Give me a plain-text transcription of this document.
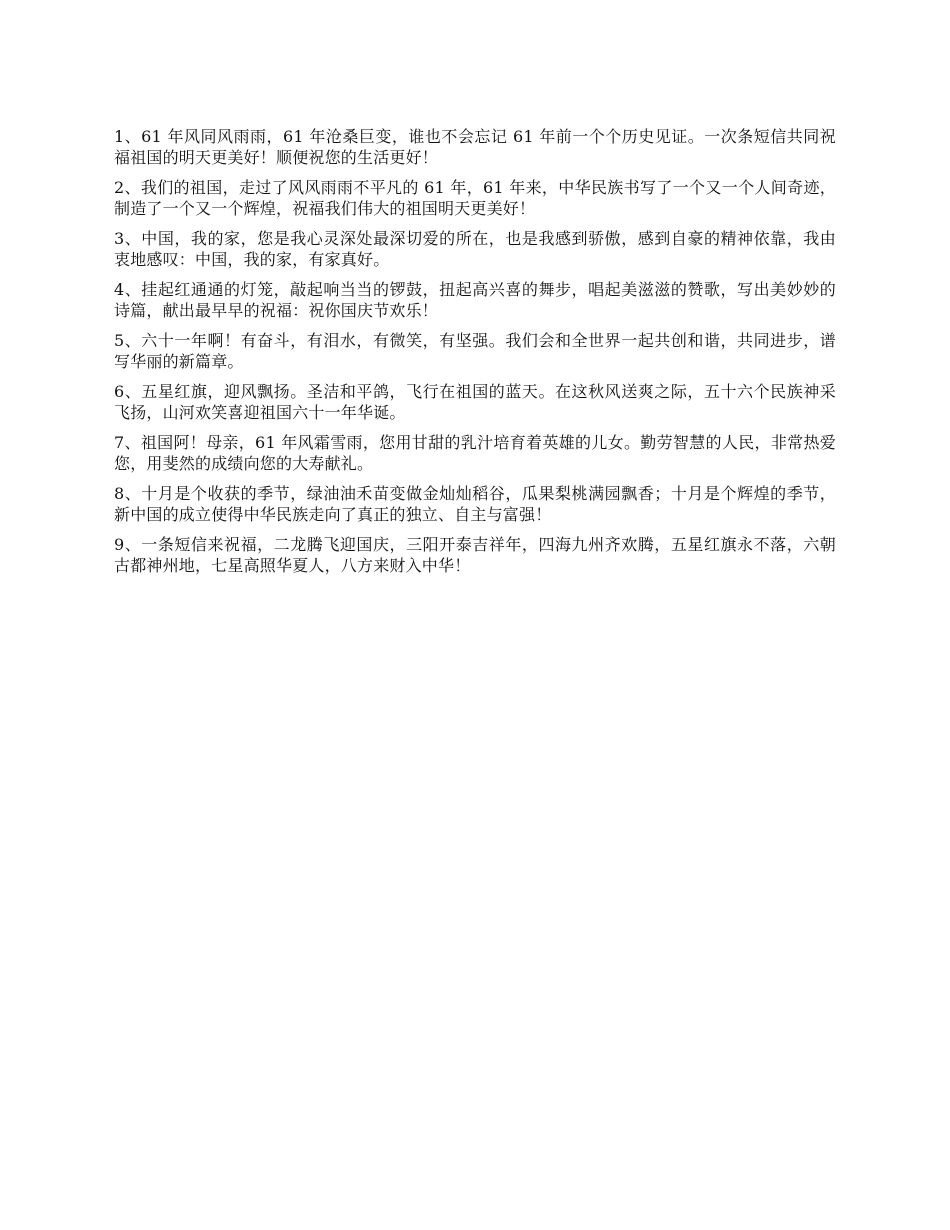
1、61 年风同风雨雨，61 年沧桑巨变，谁也不会忘记 61 年前一个个历史见证。一次条短信共同祝福祖国的明天更美好！顺便祝您的生活更好！

2、我们的祖国，走过了风风雨雨不平凡的 61 年，61 年来，中华民族书写了一个又一个人间奇迹，制造了一个又一个辉煌，祝福我们伟大的祖国明天更美好！

3、中国，我的家，您是我心灵深处最深切爱的所在，也是我感到骄傲，感到自豪的精神依靠，我由衷地感叹：中国，我的家，有家真好。

4、挂起红通通的灯笼，敲起响当当的锣鼓，扭起高兴喜的舞步，唱起美滋滋的赞歌，写出美妙妙的诗篇，献出最早早的祝福：祝你国庆节欢乐！

5、六十一年啊！有奋斗，有泪水，有微笑，有坚强。我们会和全世界一起共创和谐，共同进步，谱写华丽的新篇章。

6、五星红旗，迎风飘扬。圣洁和平鸽，飞行在祖国的蓝天。在这秋风送爽之际，五十六个民族神采飞扬，山河欢笑喜迎祖国六十一年华诞。

7、祖国阿！母亲，61 年风霜雪雨，您用甘甜的乳汁培育着英雄的儿女。勤劳智慧的人民，非常热爱您，用斐然的成绩向您的大寿献礼。

8、十月是个收获的季节，绿油油禾苗变做金灿灿稻谷，瓜果梨桃满园飘香；十月是个辉煌的季节，新中国的成立使得中华民族走向了真正的独立、自主与富强！

9、一条短信来祝福，二龙腾飞迎国庆，三阳开泰吉祥年，四海九州齐欢腾，五星红旗永不落，六朝古都神州地，七星高照华夏人，八方来财入中华！
